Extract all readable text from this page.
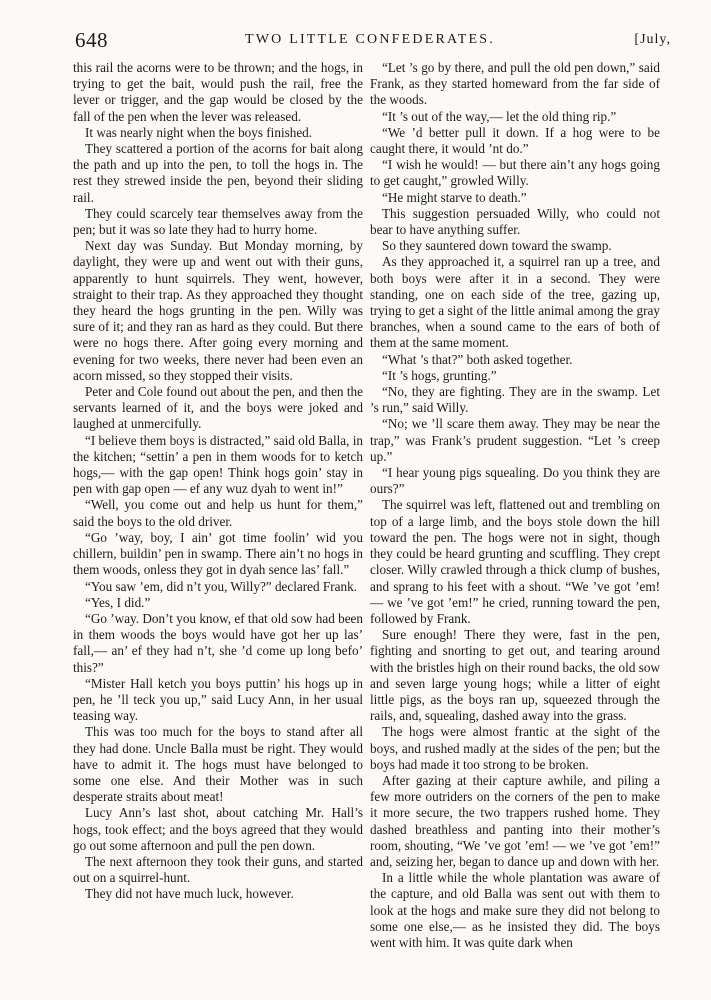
648	TWO LITTLE CONFEDERATES.	[July,

this rail the acorns were to be thrown; and the hogs, in trying to get the bait, would push the rail, free the lever or trigger, and the gap would be closed by the fall of the pen when the lever was released.

It was nearly night when the boys finished.

They scattered a portion of the acorns for bait along the path and up into the pen, to toll the hogs in. The rest they strewed inside the pen, beyond their sliding rail.

They could scarcely tear themselves away from the pen; but it was so late they had to hurry home.

Next day was Sunday. But Monday morning, by daylight, they were up and went out with their guns, apparently to hunt squirrels. They went, however, straight to their trap. As they approached they thought they heard the hogs grunting in the pen. Willy was sure of it; and they ran as hard as they could. But there were no hogs there. After going every morning and evening for two weeks, there never had been even an acorn missed, so they stopped their visits.

Peter and Cole found out about the pen, and then the servants learned of it, and the boys were joked and laughed at unmercifully.

“I believe them boys is distracted,” said old Balla, in the kitchen; “settin’ a pen in them woods for to ketch hogs,— with the gap open! Think hogs goin’ stay in pen with gap open — ef any wuz dyah to went in!”

“Well, you come out and help us hunt for them,” said the boys to the old driver.

“Go ’way, boy, I ain’ got time foolin’ wid you chillern, buildin’ pen in swamp. There ain’t no hogs in them woods, onless they got in dyah sence las’ fall.”

“You saw ’em, did n’t you, Willy?” declared Frank.

“Yes, I did.”

“Go ’way. Don’t you know, ef that old sow had been in them woods the boys would have got her up las’ fall,— an’ ef they had n’t, she ’d come up long befo’ this?”

“Mister Hall ketch you boys puttin’ his hogs up in pen, he ’ll teck you up,” said Lucy Ann, in her usual teasing way.

This was too much for the boys to stand after all they had done. Uncle Balla must be right. They would have to admit it. The hogs must have belonged to some one else. And their Mother was in such desperate straits about meat!

Lucy Ann’s last shot, about catching Mr. Hall’s hogs, took effect; and the boys agreed that they would go out some afternoon and pull the pen down.

The next afternoon they took their guns, and started out on a squirrel-hunt.

They did not have much luck, however.

“Let ’s go by there, and pull the old pen down,” said Frank, as they started homeward from the far side of the woods.

“It ’s out of the way,— let the old thing rip.”

“We ’d better pull it down. If a hog were to be caught there, it would ’nt do.”

“I wish he would! — but there ain’t any hogs going to get caught,” growled Willy.

“He might starve to death.”

This suggestion persuaded Willy, who could not bear to have anything suffer.

So they sauntered down toward the swamp.

As they approached it, a squirrel ran up a tree, and both boys were after it in a second. They were standing, one on each side of the tree, gazing up, trying to get a sight of the little animal among the gray branches, when a sound came to the ears of both of them at the same moment.

“What ’s that?” both asked together.

“It ’s hogs, grunting.”

“No, they are fighting. They are in the swamp. Let ’s run,” said Willy.

“No; we ’ll scare them away. They may be near the trap,” was Frank’s prudent suggestion. “Let ’s creep up.”

“I hear young pigs squealing. Do you think they are ours?”

The squirrel was left, flattened out and trembling on top of a large limb, and the boys stole down the hill toward the pen. The hogs were not in sight, though they could be heard grunting and scuffling. They crept closer. Willy crawled through a thick clump of bushes, and sprang to his feet with a shout. “We ’ve got ’em! — we ’ve got ’em!” he cried, running toward the pen, followed by Frank.

Sure enough! There they were, fast in the pen, fighting and snorting to get out, and tearing around with the bristles high on their round backs, the old sow and seven large young hogs; while a litter of eight little pigs, as the boys ran up, squeezed through the rails, and, squealing, dashed away into the grass.

The hogs were almost frantic at the sight of the boys, and rushed madly at the sides of the pen; but the boys had made it too strong to be broken.

After gazing at their capture awhile, and piling a few more outriders on the corners of the pen to make it more secure, the two trappers rushed home. They dashed breathless and panting into their mother’s room, shouting, “We ’ve got ’em! — we ’ve got ’em!” and, seizing her, began to dance up and down with her.

In a little while the whole plantation was aware of the capture, and old Balla was sent out with them to look at the hogs and make sure they did not belong to some one else,— as he insisted they did. The boys went with him. It was quite dark when
